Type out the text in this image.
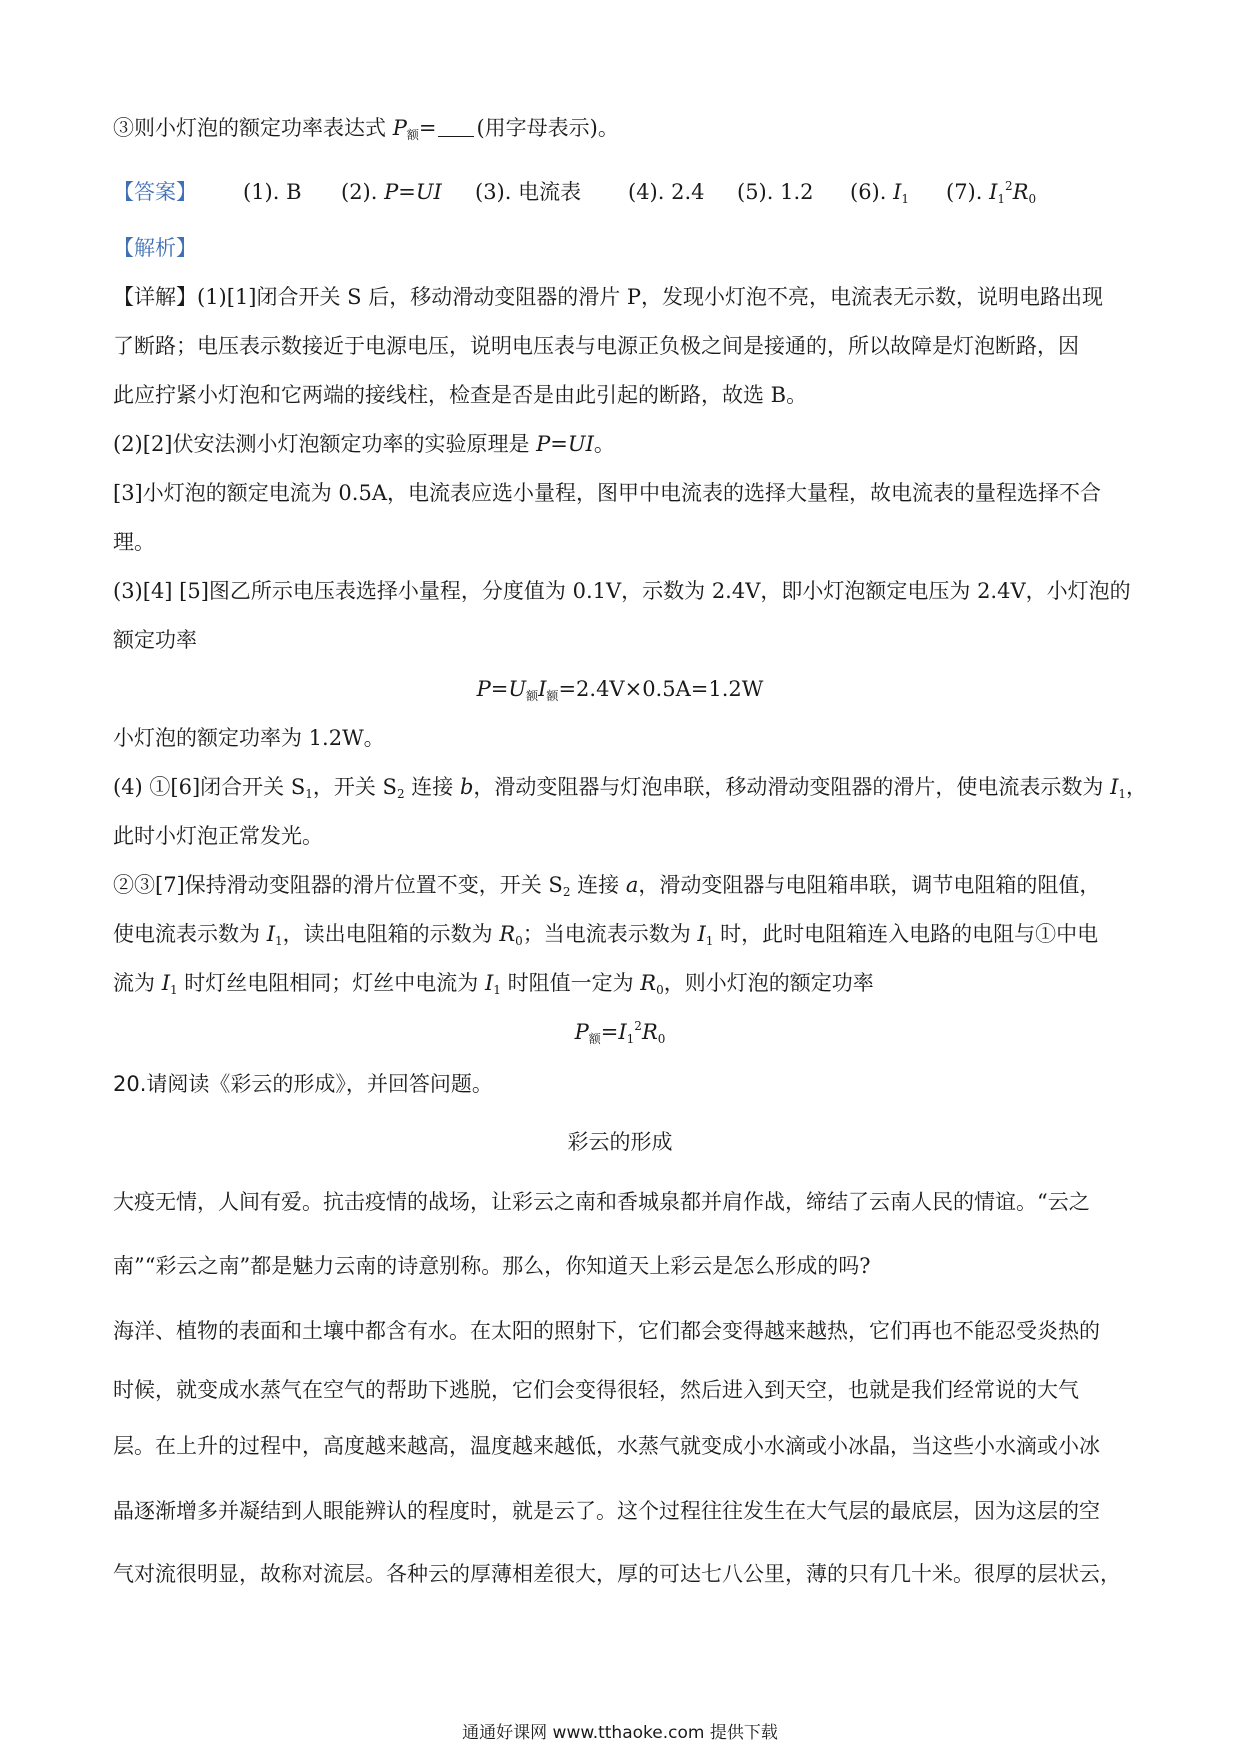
③则小灯泡的额定功率表达式 $P_额=$ (用字母表示)。
【答案】 (1). B (2). P=UI (3). 电流表 (4). 2.4 (5). 1.2 (6). $I_1$ (7). $I_1^2R_0$
【解析】
【详解】(1)[1]闭合开关 S 后，移动滑动变阻器的滑片 P，发现小灯泡不亮，电流表无示数，说明电路出现
了断路；电压表示数接近于电源电压，说明电压表与电源正负极之间是接通的，所以故障是灯泡断路，因
此应拧紧小灯泡和它两端的接线柱，检查是否是由此引起的断路，故选 B。
(2)[2]伏安法测小灯泡额定功率的实验原理是 P=UI。
[3]小灯泡的额定电流为 0.5A，电流表应选小量程，图甲中电流表的选择大量程，故电流表的量程选择不合
理。
(3)[4] [5]图乙所示电压表选择小量程，分度值为 0.1V，示数为 2.4V，即小灯泡额定电压为 2.4V，小灯泡的
额定功率
$P=U_额I_额=2.4V\times 0.5A=1.2W$
小灯泡的额定功率为 1.2W。
(4) ①[6]闭合开关 $S_1$，开关 $S_2$ 连接 b，滑动变阻器与灯泡串联，移动滑动变阻器的滑片，使电流表示数为 $I_1$，
此时小灯泡正常发光。
②③[7]保持滑动变阻器的滑片位置不变，开关 $S_2$ 连接 a，滑动变阻器与电阻箱串联，调节电阻箱的阻值，
使电流表示数为 $I_1$，读出电阻箱的示数为 $R_0$；当电流表示数为 $I_1$ 时，此时电阻箱连入电路的电阻与①中电
流为 $I_1$ 时灯丝电阻相同；灯丝中电流为 $I_1$ 时阻值一定为 $R_0$，则小灯泡的额定功率
$P_额=I_1^2R_0$
20.请阅读《彩云的形成》，并回答问题。
彩云的形成
大疫无情，人间有爱。抗击疫情的战场，让彩云之南和香城泉都并肩作战，缔结了云南人民的情谊。“云之
南”“彩云之南”都是魅力云南的诗意别称。那么，你知道天上彩云是怎么形成的吗?
海洋、植物的表面和土壤中都含有水。在太阳的照射下，它们都会变得越来越热，它们再也不能忍受炎热的
时候，就变成水蒸气在空气的帮助下逃脱，它们会变得很轻，然后进入到天空，也就是我们经常说的大气
层。在上升的过程中，高度越来越高，温度越来越低，水蒸气就变成小水滴或小冰晶，当这些小水滴或小冰
晶逐渐增多并凝结到人眼能辨认的程度时，就是云了。这个过程往往发生在大气层的最底层，因为这层的空
气对流很明显，故称对流层。各种云的厚薄相差很大，厚的可达七八公里，薄的只有几十米。很厚的层状云，
通通好课网 www.tthaoke.com 提供下载
